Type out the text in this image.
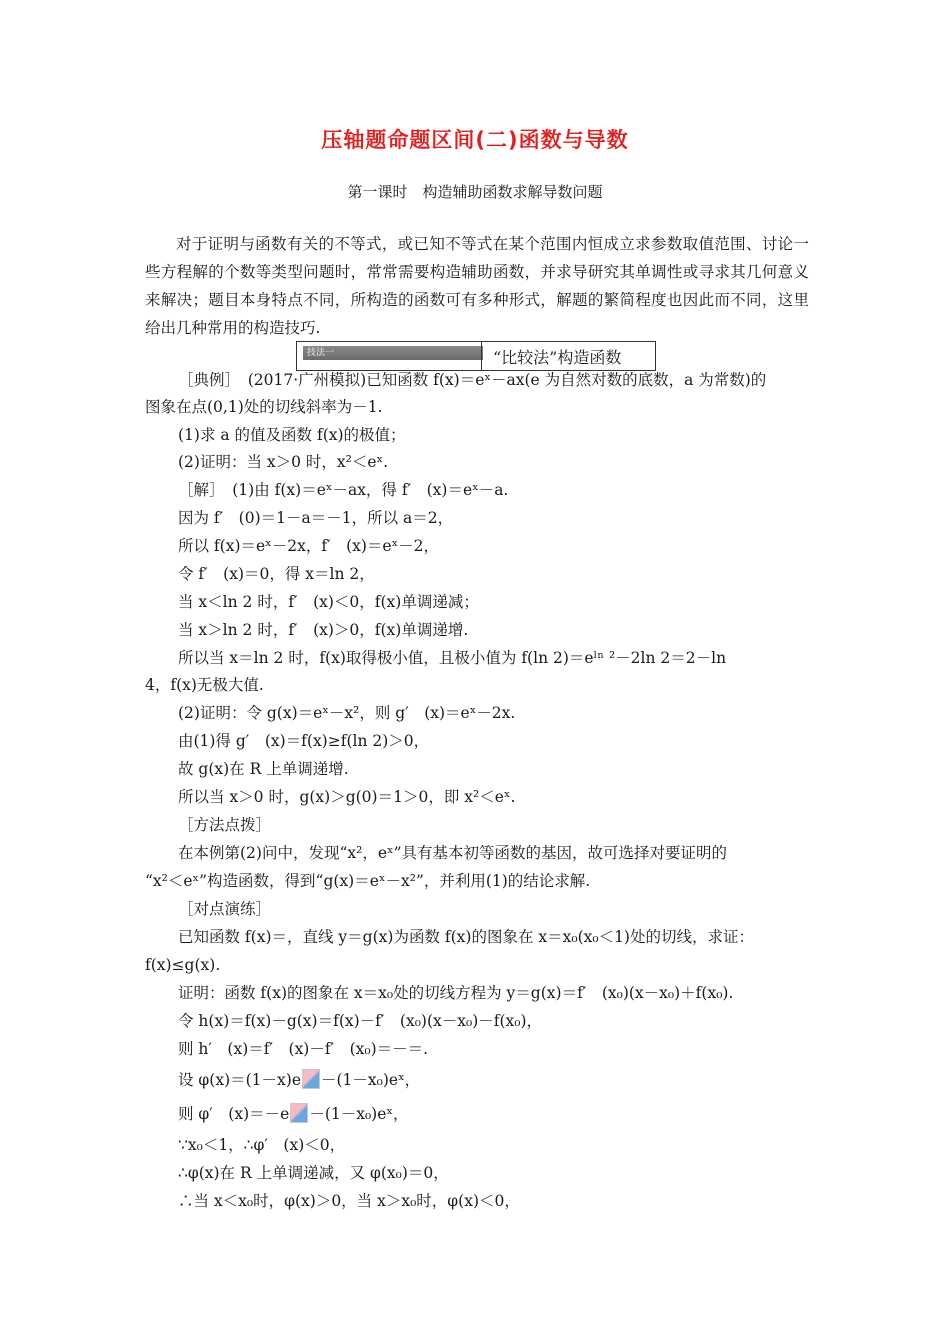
压轴题命题区间(二)函数与导数
第一课时　构造辅助函数求解导数问题
对于证明与函数有关的不等式，或已知不等式在某个范围内恒成立求参数取值范围、讨论一些方程解的个数等类型问题时，常常需要构造辅助函数，并求导研究其单调性或寻求其几何意义来解决；题目本身特点不同，所构造的函数可有多种形式，解题的繁简程度也因此而不同，这里给出几种常用的构造技巧.
技法一	“比较法”构造函数
［典例］　(2017·广州模拟)已知函数 f(x)＝eˣ－ax(e 为自然对数的底数，a 为常数)的
图象在点(0,1)处的切线斜率为－1.
(1)求 a 的值及函数 f(x)的极值；
(2)证明：当 x＞0 时，x²＜eˣ.
［解］　(1)由 f(x)＝eˣ－ax，得 f′　(x)＝eˣ－a.
因为 f′　(0)＝1－a＝－1，所以 a＝2，
所以 f(x)＝eˣ－2x，f′　(x)＝eˣ－2，
令 f′　(x)＝0，得 x＝ln 2，
当 x＜ln 2 时，f′　(x)＜0，f(x)单调递减；
当 x＞ln 2 时，f′　(x)＞0，f(x)单调递增.
所以当 x＝ln 2 时，f(x)取得极小值，且极小值为 f(ln 2)＝eˡⁿ ²－2ln 2＝2－ln
4，f(x)无极大值.
(2)证明：令 g(x)＝eˣ－x²，则 g′　(x)＝eˣ－2x.
由(1)得 g′　(x)＝f(x)≥f(ln 2)＞0，
故 g(x)在 R 上单调递增.
所以当 x＞0 时，g(x)＞g(0)＝1＞0，即 x²＜eˣ.
［方法点拨］
在本例第(2)问中，发现“x²，eˣ”具有基本初等函数的基因，故可选择对要证明的
“x²＜eˣ”构造函数，得到“g(x)＝eˣ－x²”，并利用(1)的结论求解.
［对点演练］
已知函数 f(x)＝，直线 y＝g(x)为函数 f(x)的图象在 x＝x₀(x₀＜1)处的切线，求证：
f(x)≤g(x).
证明：函数 f(x)的图象在 x＝x₀处的切线方程为 y＝g(x)＝f′　(x₀)(x－x₀)＋f(x₀).
令 h(x)＝f(x)－g(x)＝f(x)－f′　(x₀)(x－x₀)－f(x₀)，
则 h′　(x)＝f′　(x)－f′　(x₀)＝－＝.
设 φ(x)＝(1－x)e －(1－x₀)eˣ，
则 φ′　(x)＝－e －(1－x₀)eˣ，
∵x₀＜1，∴φ′　(x)＜0，
∴φ(x)在 R 上单调递减，又 φ(x₀)＝0，
∴当 x＜x₀时，φ(x)＞0，当 x＞x₀时，φ(x)＜0，
